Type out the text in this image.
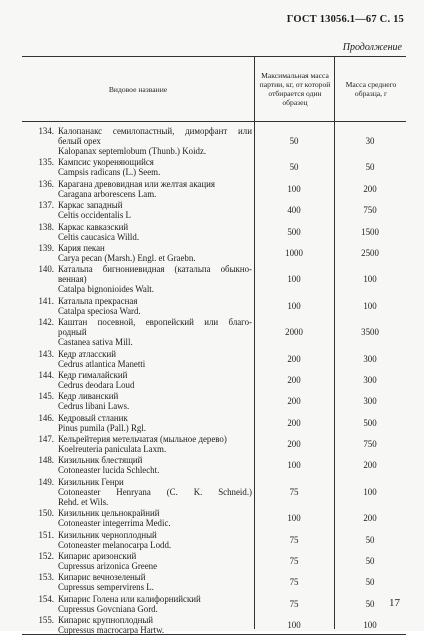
ГОСТ 13056.1—67 С. 15
Продолжение
Видовое название
Максимальная масса партии, кг, от которой отбирается один образец
Масса среднего образца, г
134. Калопанакс семилопастный, диморфант или
белый орех
Kalopanax septemlobum (Thunb.) Koidz.
50	30
135. Кампсис укореняющийся
Campsis radicans (L.) Seem.	50	50
136. Карагана древовидная или желтая акация
Caragana arborescens Lam.	100	200
137. Каркас западный
Celtis occidentalis L	400	750
138. Каркас кавказский
Celtis caucasica Willd.	500	1500
139. Кария пекан
Carya pecan (Marsh.) Engl. et Graebn.	1000	2500
140. Катальпа бигнониевидная (катальпа обыкно-
венная)
Catalpa bignonioides Walt.
100	100
141. Катальпа прекрасная
Catalpa speciosa Ward.	100	100
142. Каштан посевной, европейский или благо-
родный
Castanea sativa Mill.
2000	3500
143. Кедр атласский
Cedrus atlantica Manetti	200	300
144. Кедр гималайский
Cedrus deodara Loud	200	300
145. Кедр ливанский
Cedrus libani Laws.	200	300
146. Кедровый стланик
Pinus pumila (Pall.) Rgl.	200	500
147. Кельрейтерия метельчатая (мыльное дерево)
Koelreuteria paniculata Laxm.	200	750
148. Кизильник блестящий
Cotoneaster lucida Schlecht.	100	200
149. Кизильник Генри
Cotoneaster Henryana (C. K. Schneid.)
Rehd. et Wils.
75	100
150. Кизильник цельнокрайний
Cotoneaster integerrima Medic.	100	200
151. Кизильник черноплодный
Cotoneaster melanocarpa Lodd.	75	50
152. Кипарис аризонский
Cupressus arizonica Greene	75	50
153. Кипарис вечнозеленый
Cupressus sempervirens L.	75	50
154. Кипарис Голена или калифорнийский
Cupressus Govcniana Gord.	75	50
155. Кипарис крупноплодный
Cupressus macrocarpa Hartw.	100	100
17
